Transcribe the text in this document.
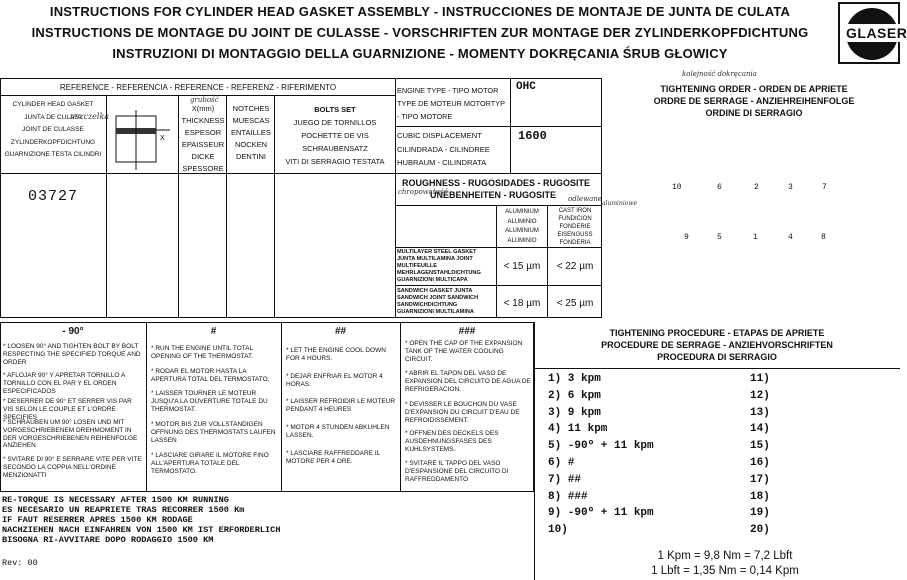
INSTRUCTIONS FOR CYLINDER HEAD GASKET ASSEMBLY - INSTRUCCIONES DE MONTAJE DE JUNTA DE CULATA
INSTRUCTIONS DE MONTAGE DU JOINT DE CULASSE - VORSCHRIFTEN ZUR MONTAGE DER ZYLINDERKOPFDICHTUNG
INSTRUZIONI DI MONTAGGIO DELLA GUARNIZIONE - MOMENTY DOKRĘCANIA ŚRUB GŁOWICY
GLASER
REFERENCE - REFERENCIA - REFERENCE - REFERENZ - RIFERIMENTO
CYLINDER HEAD GASKET
JUNTA DE CULATA
JOINT DE CULASSE
ZYLINDERKOPFDICHTUNG
GUARNIZIONE TESTA CILINDRI
uszczelka
X(mm) THICKNESS ESPESOR EPAISSEUR DICKE SPESSORE
grubość
X
NOTCHES MUESCAS ENTAILLES NOCKEN DENTINI
BOLTS SET
JUEGO DE TORNILLOS
POCHETTE DE VIS
SCHRAUBENSATZ
VITI DI SERRAGIO TESTATA
03727
ENGINE TYPE - TIPO MOTOR TYPE DE MOTEUR MOTORTYP - TIPO MOTORE
OHC
CUBIC DISPLACEMENT CILINDRADA - CILINDREE HUBRAUM - CILINDRATA
1600
ROUGHNESS - RUGOSIDADES - RUGOSITE
UNEBENHEITEN - RUGOSITE
chropowatość
odlewane
aluminiowe
ALUMINIUM ALUMINIO ALUMINIUM ALUMINIO
CAST IRON FUNDICION FONDERIE EISENGUSS FONDERIA
MULTILAYER STEEL GASKET JUNTA MULTILAMINA JOINT MULTIFEUILLE MEHRLAGENSTAHLDICHTUNG GUARNIZIONI MULTICAPA
< 15 µm	< 22 µm
SANDWICH GASKET JUNTA SANDWICH JOINT SANDWICH SANDWICHDICHTUNG GUARNIZIONI MULTILAMINA
< 18 µm	< 25 µm
kolejność dokręcania
TIGHTENING ORDER - ORDEN DE APRIETE
ORDRE DE SERRAGE - ANZIEHREIHENFOLGE
ORDINE DI SERRAGIO
10	6	2	3	7
9	5	1	4	8
- 90°
* LOOSEN 90° AND TIGHTEN BOLT BY BOLT RESPECTING THE SPECIFIED TORQUE AND ORDER
* AFLOJAR 90° Y APRETAR TORNILLO A TORNILLO CON EL PAR Y EL ORDEN ESPECIFICADOS
* DESERRER DE 90° ET SERRER VIS PAR VIS SELON LE COUPLE ET L'ORDRE SPECIFIES
* SCHRAUBEN UM 90° LOSEN UND MIT VORGESCHRIEBENEM DREHMOMENT IN DER VORGESCHRIEBENEN REIHENFOLGE ANZIEHEN
* SVITARE DI 90° E SERRARE VITE PER VITE SECONDO LA COPPIA NELL'ORDINE MENZIONATTI
#
* RUN THE ENGINE UNTIL TOTAL OPENING OF THE THERMOSTAT.
* RODAR EL MOTOR HASTA LA APERTURA TOTAL DEL TERMOSTATO.
* LAISSER TOURNER LE MOTEUR JUSQU'A LA OUVERTURE TOTALE DU THERMOSTAT.
* MOTOR BIS ZUR VOLLSTANDIGEN OFFNUNG DES THERMOSTATS LAUFEN LASSEN
* LASCIARE GIRARE IL MOTORE FINO ALL'APERTURA TOTALE DEL TERMOSTATO.
##
* LET THE ENGINE COOL DOWN FOR 4 HOURS.
* DEJAR ENFRIAR EL MOTOR 4 HORAS.
* LAISSER REFROIDIR LE MOTEUR PENDANT 4 HEURES
* MOTOR 4 STUNDEN ABKUHLEN LASSEN.
* LASCIARE RAFFREDDARE IL MOTORE PER 4 ORE.
###
* OPEN THE CAP OF THE EXPANSION TANK OF THE WATER COOLING CIRCUIT.
* ABRIR EL TAPON DEL VASO DE EXPANSION DEL CIRCUITO DE AGUA DE REFRIGERACION.
* DEVISSER LE BOUCHON DU VASE D'EXPANSION DU CIRCUIT D'EAU DE REFROIDISSEMENT.
* OFFNEN DES DECKELS DES AUSDEHNUNGSFASES DES KUHLSYSTEMS.
* SVITARE IL TAPPO DEL VASO D'ESPANSIONE DEL CIRCUITO DI RAFFREDDAMENTO
TIGHTENING PROCEDURE - ETAPAS DE APRIETE
PROCEDURE DE SERRAGE - ANZIEHVORSCHRIFTEN
PROCEDURA DI SERRAGIO
1) 3 kpm
2) 6 kpm
3) 9 kpm
4) 11 kpm
5) -90º + 11 kpm
6) #
7) ##
8) ###
9) -90º + 11 kpm
10)
11)
12)
13)
14)
15)
16)
17)
18)
19)
20)
1 Kpm = 9,8 Nm = 7,2 Lbft
1 Lbft = 1,35 Nm = 0,14 Kpm
RE-TORQUE IS NECESSARY AFTER 1500 KM RUNNING
ES NECESARIO UN REAPRIETE TRAS RECORRER 1500 Km
IF FAUT RESERRER APRES 1500 KM RODAGE
NACHZIEHEN NACH EINFAHREN VON 1500 KM IST ERFORDERLICH
BISOGNA RI-AVVITARE DOPO RODAGGIO 1500 KM
Rev: 00
